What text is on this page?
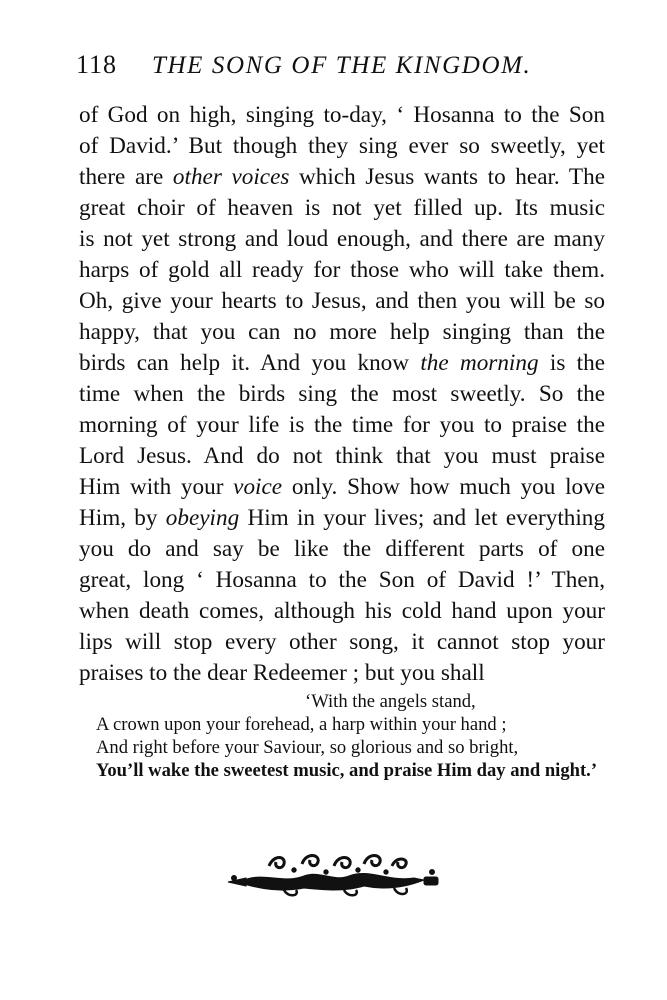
118 THE SONG OF THE KINGDOM.
of God on high, singing to-day, ‘ Hosanna to the Son
of David.’ But though they sing ever so sweetly, yet
there are other voices which Jesus wants to hear. The
great choir of heaven is not yet filled up. Its music
is not yet strong and loud enough, and there are many
harps of gold all ready for those who will take them.
Oh, give your hearts to Jesus, and then you will be so
happy, that you can no more help singing than the
birds can help it. And you know the morning is the
time when the birds sing the most sweetly. So the
morning of your life is the time for you to praise the
Lord Jesus. And do not think that you must praise
Him with your voice only. Show how much you love
Him, by obeying Him in your lives; and let everything
you do and say be like the different parts of one
great, long ‘ Hosanna to the Son of David !’ Then,
when death comes, although his cold hand upon your
lips will stop every other song, it cannot stop your
praises to the dear Redeemer ; but you shall
‘With the angels stand,
A crown upon your forehead, a harp within your hand ;
And right before your Saviour, so glorious and so bright,
You’ll wake the sweetest music, and praise Him day and night.’
